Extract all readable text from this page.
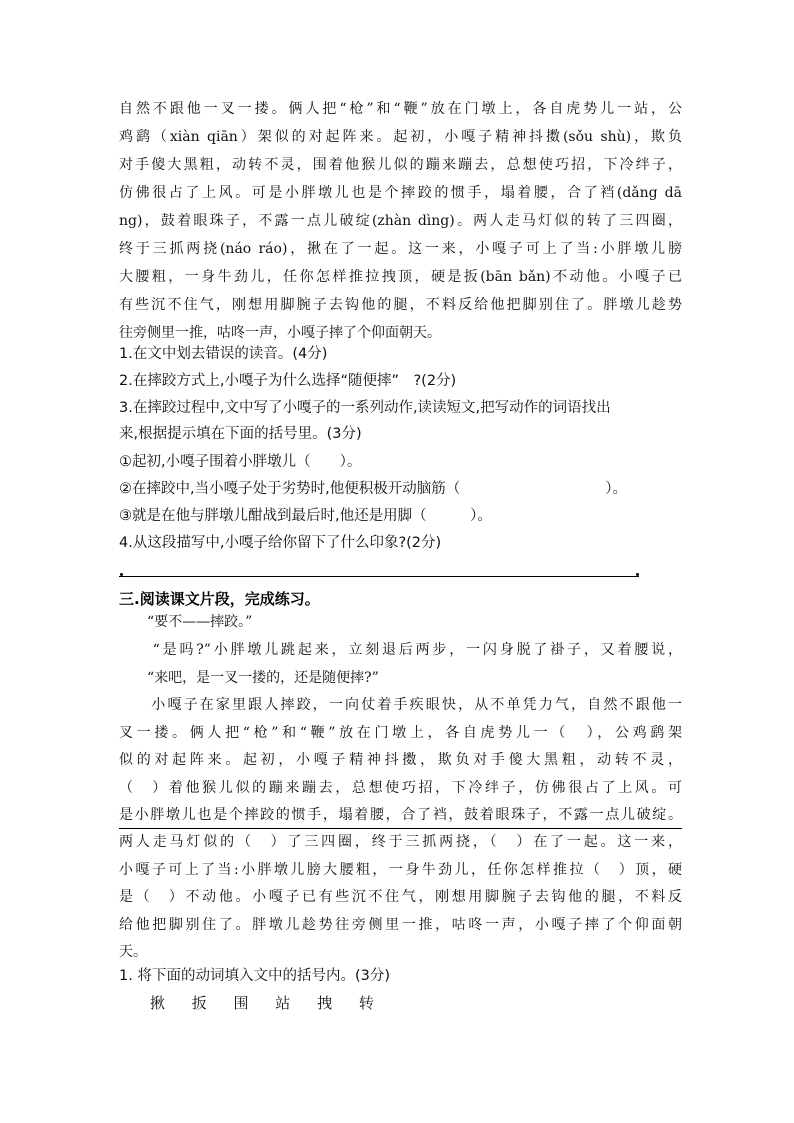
自然不跟他一叉一搂。俩人把“枪”和“鞭”放在门墩上，各自虎势儿一站，公
鸡鹞（xiàn qiān）架似的对起阵来。起初，小嘎子精神抖擞(sǒu shù)，欺负
对手傻大黑粗，动转不灵，围着他猴儿似的蹦来蹦去，总想使巧招，下冷绊子，
仿佛很占了上风。可是小胖墩儿也是个摔跤的惯手，塌着腰，合了裆(dǎng dā
ng)，鼓着眼珠子，不露一点儿破绽(zhàn dìng)。两人走马灯似的转了三四圈，
终于三抓两挠(náo ráo)，揪在了一起。这一来，小嘎子可上了当:小胖墩儿膀
大腰粗，一身牛劲儿，任你怎样推拉拽顶，硬是扳(bān bǎn)不动他。小嘎子已
有些沉不住气，刚想用脚腕子去钩他的腿，不料反给他把脚别住了。胖墩儿趁势
往旁侧里一推，咕咚一声，小嘎子摔了个仰面朝天。
1.在文中划去错误的读音。(4分)
2.在摔跤方式上,小嘎子为什么选择“随便摔”　?(2分)
3.在摔跤过程中,文中写了小嘎子的一系列动作,读读短文,把写动作的词语找出
来,根据提示填在下面的括号里。(3分)
①起初,小嘎子围着小胖墩儿（　　）。
②在摔跤中,当小嘎子处于劣势时,他便积极开动脑筋（　　　　　　　　　　）。
③就是在他与胖墩儿酣战到最后时,他还是用脚（　　　）。
4.从这段描写中,小嘎子给你留下了什么印象?(2分)
三.阅读课文片段，完成练习。
　　“要不——摔跤。”
　　“是吗?”小胖墩儿跳起来，立刻退后两步，一闪身脱了褂子，又着腰说，
　　“来吧，是一叉一搂的，还是随便摔?”
　　小嘎子在家里跟人摔跤，一向仗着手疾眼快，从不单凭力气，自然不跟他一
叉一搂。俩人把“枪”和“鞭”放在门墩上，各自虎势儿一（　），公鸡鹞架
似的对起阵来。起初，小嘎子精神抖擞，欺负对手傻大黑粗，动转不灵，
（　）着他猴儿似的蹦来蹦去，总想使巧招，下冷绊子，仿佛很占了上风。可
是小胖墩儿也是个摔跤的惯手，塌着腰，合了裆，鼓着眼珠子，不露一点儿破绽。
两人走马灯似的（　）了三四圈，终于三抓两挠，（　）在了一起。这一来，
小嘎子可上了当:小胖墩儿膀大腰粗，一身牛劲儿，任你怎样推拉（　）顶，硬
是（　）不动他。小嘎子已有些沉不住气，刚想用脚腕子去钩他的腿，不料反
给他把脚别住了。胖墩儿趁势往旁侧里一推，咕咚一声，小嘎子摔了个仰面朝
天。
1. 将下面的动词填入文中的括号内。(3分)
揪 扳 围 站 拽 转
